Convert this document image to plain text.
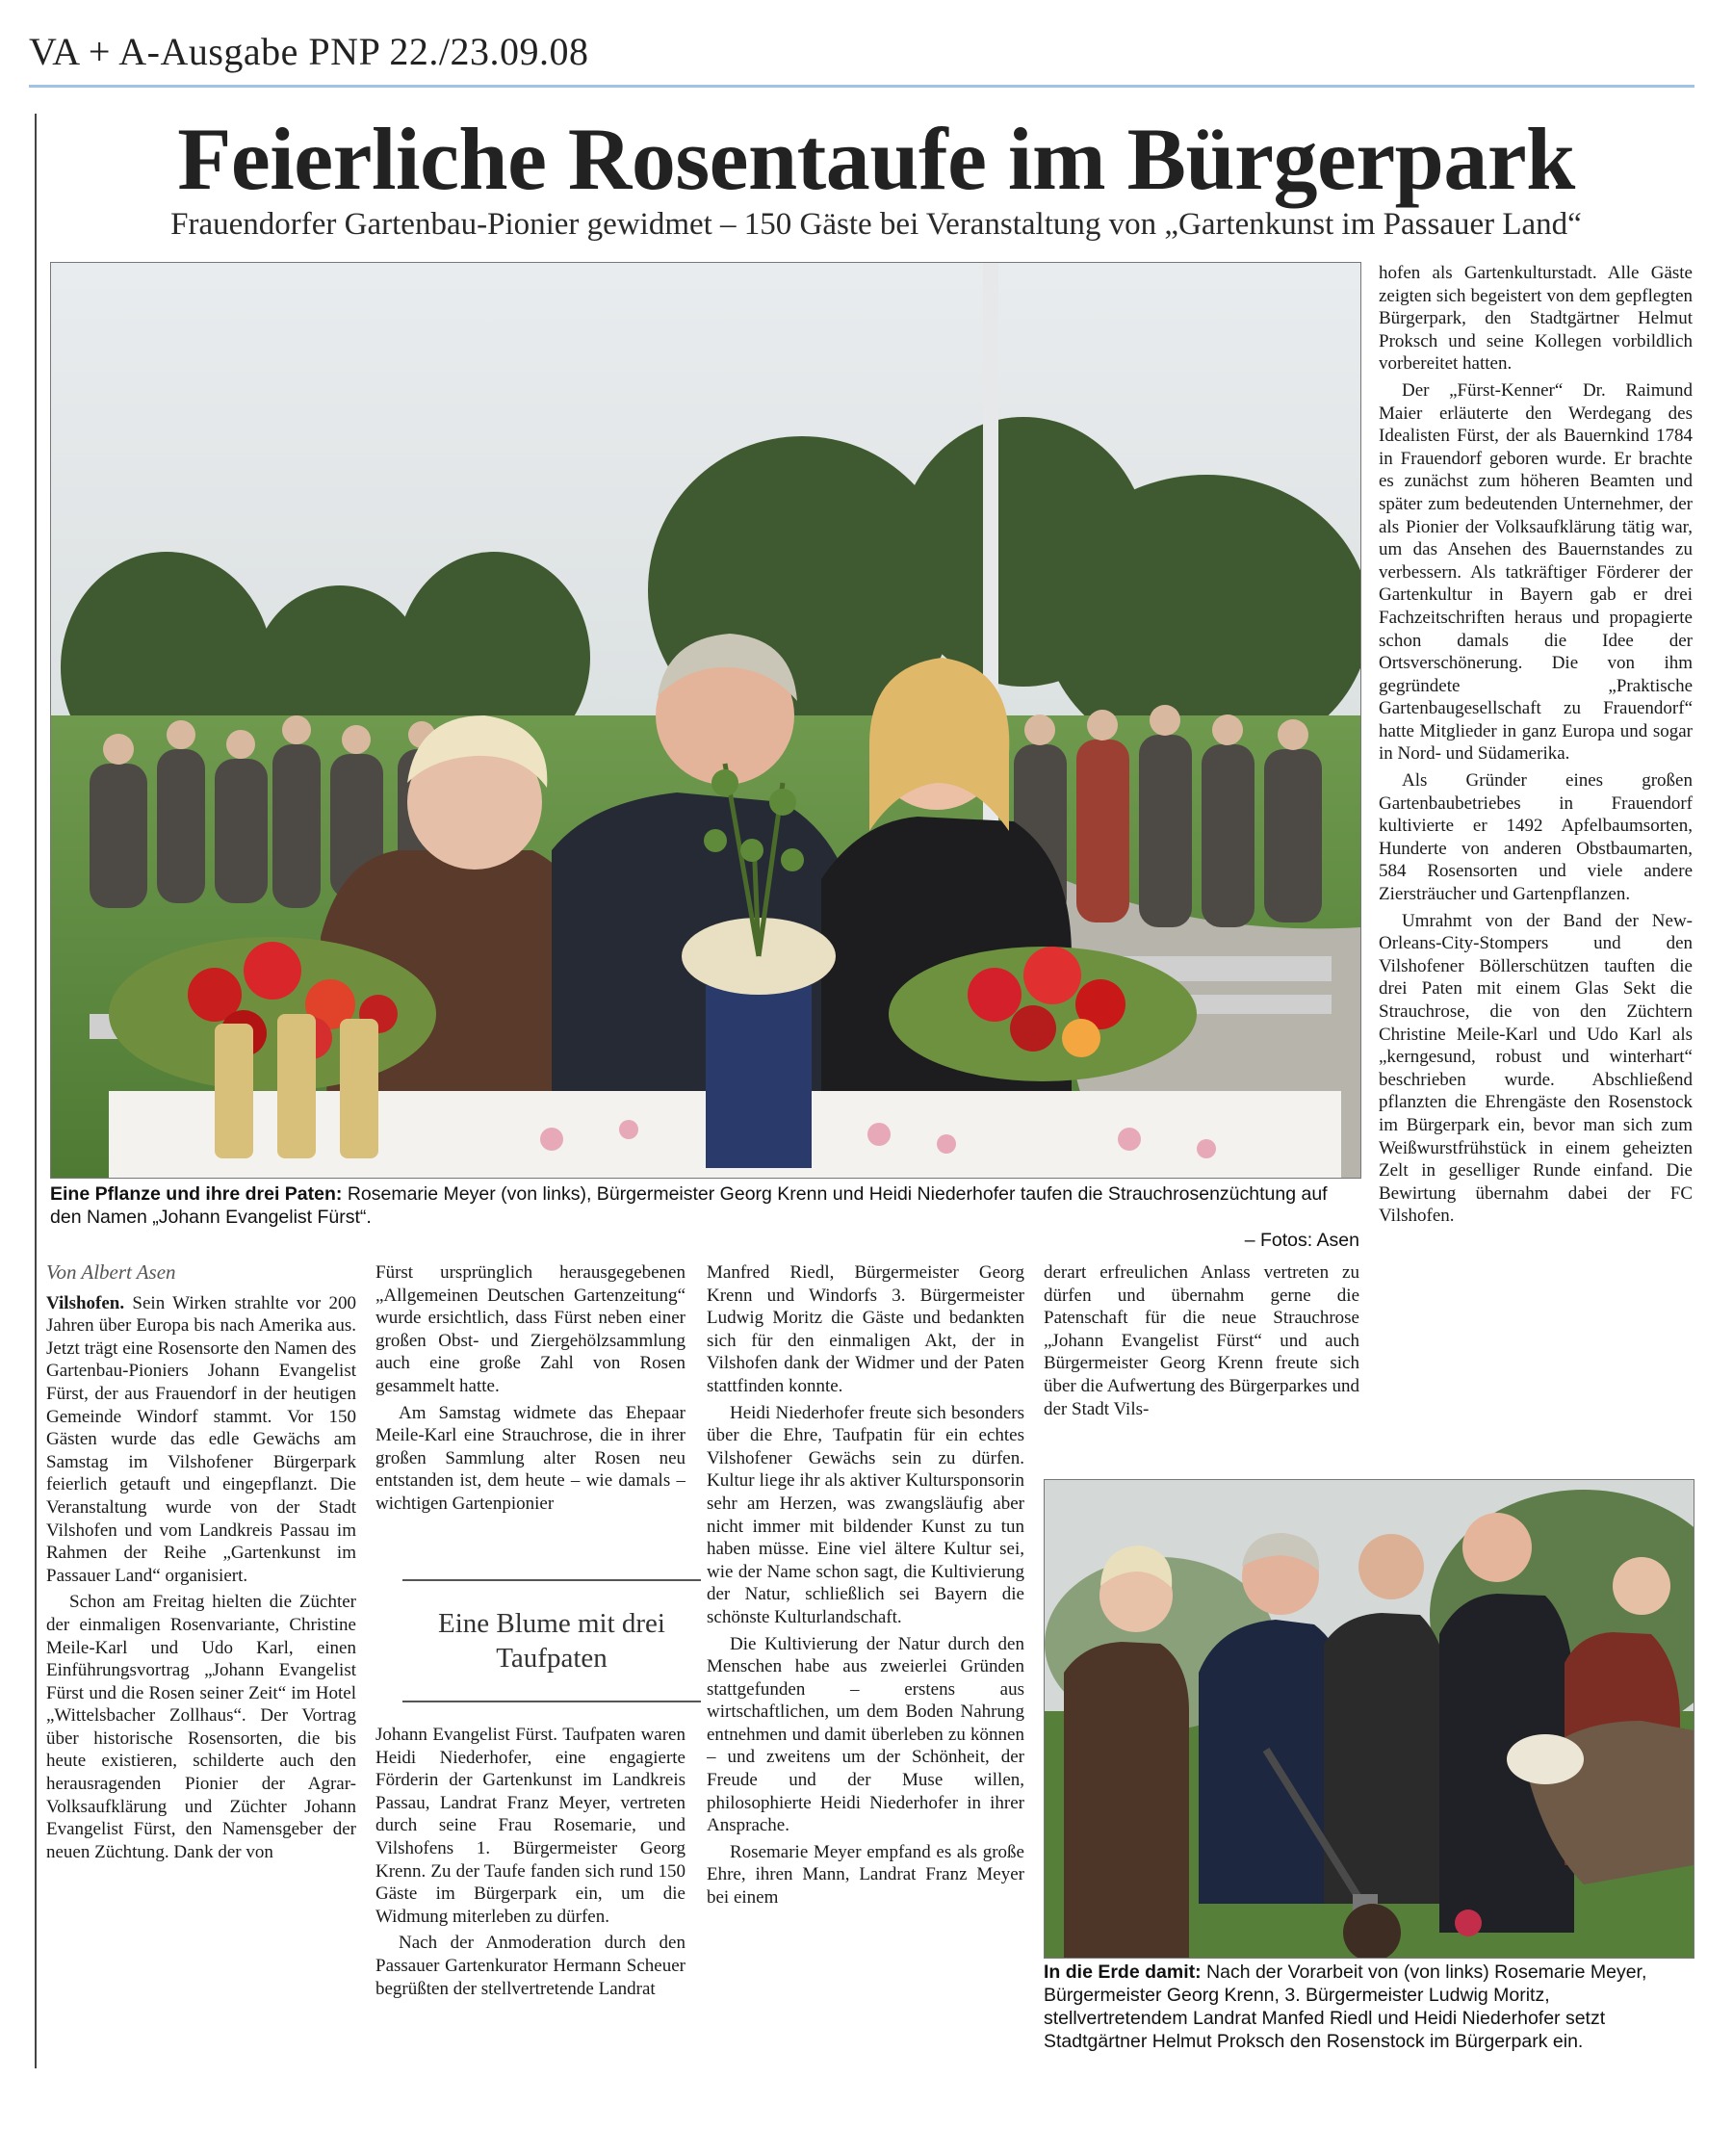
VA + A-Ausgabe PNP 22./23.09.08
Feierliche Rosentaufe im Bürgerpark
Frauendorfer Gartenbau-Pionier gewidmet – 150 Gäste bei Veranstaltung von „Gartenkunst im Passauer Land“
Eine Pflanze und ihre drei Paten: Rosemarie Meyer (von links), Bürgermeister Georg Krenn und Heidi Niederhofer taufen die Strauchrosenzüchtung auf den Namen „Johann Evangelist Fürst“.
– Fotos: Asen
Von Albert Asen

Vilshofen. Sein Wirken strahlte vor 200 Jahren über Europa bis nach Amerika aus. Jetzt trägt eine Rosensorte den Namen des Gartenbau-Pioniers Johann Evangelist Fürst, der aus Frauendorf in der heutigen Gemeinde Windorf stammt. Vor 150 Gästen wurde das edle Gewächs am Samstag im Vilshofener Bürgerpark feierlich getauft und eingepflanzt. Die Veranstaltung wurde von der Stadt Vilshofen und vom Landkreis Passau im Rahmen der Reihe „Gartenkunst im Passauer Land“ organisiert.

Schon am Freitag hielten die Züchter der einmaligen Rosenvariante, Christine Meile-Karl und Udo Karl, einen Einführungsvortrag „Johann Evangelist Fürst und die Rosen seiner Zeit“ im Hotel „Wittelsbacher Zollhaus“. Der Vortrag über historische Rosensorten, die bis heute existieren, schilderte auch den herausragenden Pionier der Agrar-Volksaufklärung und Züchter Johann Evangelist Fürst, den Namensgeber der neuen Züchtung. Dank der von

Fürst ursprünglich herausgegebenen „Allgemeinen Deutschen Gartenzeitung“ wurde ersichtlich, dass Fürst neben einer großen Obst- und Ziergehölzsammlung auch eine große Zahl von Rosen gesammelt hatte.

Am Samstag widmete das Ehepaar Meile-Karl eine Strauchrose, die in ihrer großen Sammlung alter Rosen neu entstanden ist, dem heute – wie damals – wichtigen Gartenpionier

Eine Blume mit drei Taufpaten

Johann Evangelist Fürst. Taufpaten waren Heidi Niederhofer, eine engagierte Förderin der Gartenkunst im Landkreis Passau, Landrat Franz Meyer, vertreten durch seine Frau Rosemarie, und Vilshofens 1. Bürgermeister Georg Krenn. Zu der Taufe fanden sich rund 150 Gäste im Bürgerpark ein, um die Widmung miterleben zu dürfen.

Nach der Anmoderation durch den Passauer Gartenkurator Hermann Scheuer begrüßten der stellvertretende Landrat

Manfred Riedl, Bürgermeister Georg Krenn und Windorfs 3. Bürgermeister Ludwig Moritz die Gäste und bedankten sich für den einmaligen Akt, der in Vilshofen dank der Widmer und der Paten stattfinden konnte.

Heidi Niederhofer freute sich besonders über die Ehre, Taufpatin für ein echtes Vilshofener Gewächs sein zu dürfen. Kultur liege ihr als aktiver Kultursponsorin sehr am Herzen, was zwangsläufig aber nicht immer mit bildender Kunst zu tun haben müsse. Eine viel ältere Kultur sei, wie der Name schon sagt, die Kultivierung der Natur, schließlich sei Bayern die schönste Kulturlandschaft.

Die Kultivierung der Natur durch den Menschen habe aus zweierlei Gründen stattgefunden – erstens aus wirtschaftlichen, um dem Boden Nahrung entnehmen und damit überleben zu können – und zweitens um der Schönheit, der Freude und der Muse willen, philosophierte Heidi Niederhofer in ihrer Ansprache.

Rosemarie Meyer empfand es als große Ehre, ihren Mann, Landrat Franz Meyer bei einem

derart erfreulichen Anlass vertreten zu dürfen und übernahm gerne die Patenschaft für die neue Strauchrose „Johann Evangelist Fürst“ und auch Bürgermeister Georg Krenn freute sich über die Aufwertung des Bürgerparkes und der Stadt Vils-

hofen als Gartenkulturstadt. Alle Gäste zeigten sich begeistert von dem gepflegten Bürgerpark, den Stadtgärtner Helmut Proksch und seine Kollegen vorbildlich vorbereitet hatten.

Der „Fürst-Kenner“ Dr. Raimund Maier erläuterte den Werdegang des Idealisten Fürst, der als Bauernkind 1784 in Frauendorf geboren wurde. Er brachte es zunächst zum höheren Beamten und später zum bedeutenden Unternehmer, der als Pionier der Volksaufklärung tätig war, um das Ansehen des Bauernstandes zu verbessern. Als tatkräftiger Förderer der Gartenkultur in Bayern gab er drei Fachzeitschriften heraus und propagierte schon damals die Idee der Ortsverschönerung. Die von ihm gegründete „Praktische Gartenbaugesellschaft zu Frauendorf“ hatte Mitglieder in ganz Europa und sogar in Nord- und Südamerika.

Als Gründer eines großen Gartenbaubetriebes in Frauendorf kultivierte er 1492 Apfelbaumsorten, Hunderte von anderen Obstbaumarten, 584 Rosensorten und viele andere Ziersträucher und Gartenpflanzen.

Umrahmt von der Band der New-Orleans-City-Stompers und den Vilshofener Böllerschützen tauften die drei Paten mit einem Glas Sekt die Strauchrose, die von den Züchtern Christine Meile-Karl und Udo Karl als „kerngesund, robust und winterhart“ beschrieben wurde. Abschließend pflanzten die Ehrengäste den Rosenstock im Bürgerpark ein, bevor man sich zum Weißwurstfrühstück in einem geheizten Zelt in geselliger Runde einfand. Die Bewirtung übernahm dabei der FC Vilshofen.

In die Erde damit: Nach der Vorarbeit von (von links) Rosemarie Meyer, Bürgermeister Georg Krenn, 3. Bürgermeister Ludwig Moritz, stellvertretendem Landrat Manfed Riedl und Heidi Niederhofer setzt Stadtgärtner Helmut Proksch den Rosenstock im Bürgerpark ein.
